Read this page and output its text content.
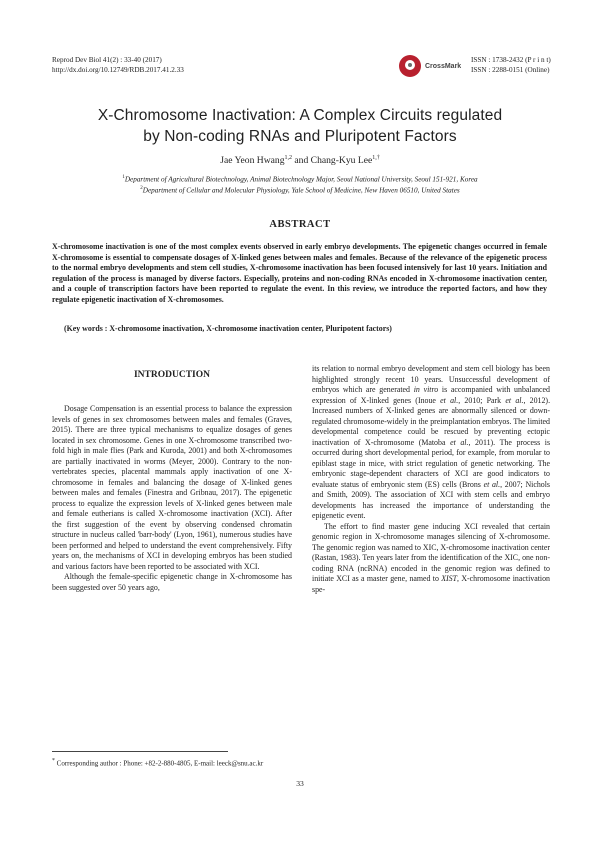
Reprod Dev Biol 41(2) : 33-40 (2017)
http://dx.doi.org/10.12749/RDB.2017.41.2.33	CrossMark
ISSN : 1738-2432 (P r i n t)
ISSN : 2288-0151 (Online)
X-Chromosome Inactivation: A Complex Circuits regulated
by Non-coding RNAs and Pluripotent Factors
Jae Yeon Hwang$^{1,2}$ and Chang-Kyu Lee$^{1,\dagger}$
$^1$Department of Agricultural Biotechnology, Animal Biotechnology Major, Seoul National University, Seoul 151-921, Korea
$^2$Department of Cellular and Molecular Physiology, Yale School of Medicine, New Haven 06510, United States
ABSTRACT
X-chromosome inactivation is one of the most complex events observed in early embryo developments. The epigenetic changes occurred in female X-chromosome is essential to compensate dosages of X-linked genes between males and females. Because of the relevance of the epigenetic process to the normal embryo developments and stem cell studies, X-chromosome inactivation has been focused intensively for last 10 years. Initiation and regulation of the process is managed by diverse factors. Especially, proteins and non-coding RNAs encoded in X-chromosome inactivation center, and a couple of transcription factors have been reported to regulate the event. In this review, we introduce the reported factors, and how they regulate epigenetic inactivation of X-chromosomes.
(Key words : X-chromosome inactivation, X-chromosome inactivation center, Pluripotent factors)
INTRODUCTION

Dosage Compensation is an essential process to balance the expression levels of genes in sex chromosomes between males and females (Graves, 2015). There are three typical mechanisms to equalize dosages of genes located in sex chromosome. Genes in one X-chromosome transcribed two-fold high in male flies (Park and Kuroda, 2001) and both X-chromosomes are partially inactivated in worms (Meyer, 2000). Contrary to the non-vertebrates species, placental mammals apply inactivation of one X-chromosome in females and balancing the dosage of X-linked genes between males and females (Finestra and Gribnau, 2017). The epigenetic process to equalize the expression levels of X-linked genes between male and female eutherians is called X-chromosome inactivation (XCI). After the first suggestion of the event by observing condensed chromatin structure in nucleus called 'barr-body' (Lyon, 1961), numerous studies have been performed and helped to understand the event comprehensively. Fifty years on, the mechanisms of XCI in developing embryos has been studied and various factors have been reported to be associated with XCI.

Although the female-specific epigenetic change in X-chromosome has been suggested over 50 years ago,

its relation to normal embryo development and stem cell biology has been highlighted strongly recent 10 years. Unsuccessful development of embryos which are generated in vitro is accompanied with unbalanced expression of X-linked genes (Inoue et al., 2010; Park et al., 2012). Increased numbers of X-linked genes are abnormally silenced or down-regulated chromosome-widely in the preimplantation embryos. The limited developmental competence could be rescued by preventing ectopic inactivation of X-chromosome (Matoba et al., 2011). The process is occurred during short developmental period, for example, from morular to epiblast stage in mice, with strict regulation of genetic networking. The embryonic stage-dependent characters of XCI are good indicators to evaluate status of embryonic stem (ES) cells (Brons et al., 2007; Nichols and Smith, 2009). The association of XCI with stem cells and embryo developments has increased the importance of understanding the epigenetic event.

The effort to find master gene inducing XCI revealed that certain genomic region in X-chromosome manages silencing of X-chromosome. The genomic region was named to XIC, X-chromosome inactivation center (Rastan, 1983). Ten years later from the identification of the XIC, one non-coding RNA (ncRNA) encoded in the genomic region was defined to initiate XCI as a master gene, named to XIST, X-chromosome inactivation spe-

* Corresponding author : Phone: +82-2-880-4805, E-mail: leeck@snu.ac.kr
33
